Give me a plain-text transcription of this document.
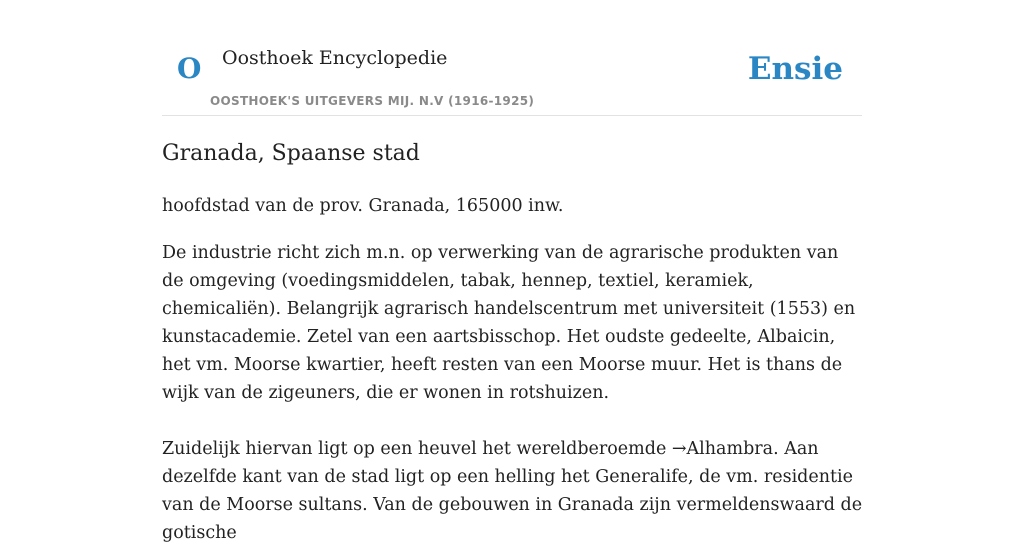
O Oosthoek Encyclopedie
OOSTHOEK'S UITGEVERS MIJ. N.V (1916-1925)
Ensie
Granada, Spaanse stad

hoofdstad van de prov. Granada, 165000 inw.

De industrie richt zich m.n. op verwerking van de agrarische produkten van de omgeving (voedingsmiddelen, tabak, hennep, textiel, keramiek, chemicaliën). Belangrijk agrarisch handelscentrum met universiteit (1553) en kunstacademie. Zetel van een aartsbisschop. Het oudste gedeelte, Albaicin, het vm. Moorse kwartier, heeft resten van een Moorse muur. Het is thans de wijk van de zigeuners, die er wonen in rotshuizen.
Zuidelijk hiervan ligt op een heuvel het wereldberoemde →Alhambra. Aan dezelfde kant van de stad ligt op een helling het Generalife, de vm. residentie van de Moorse sultans. Van de gebouwen in Granada zijn vermeldenswaard de gotische
